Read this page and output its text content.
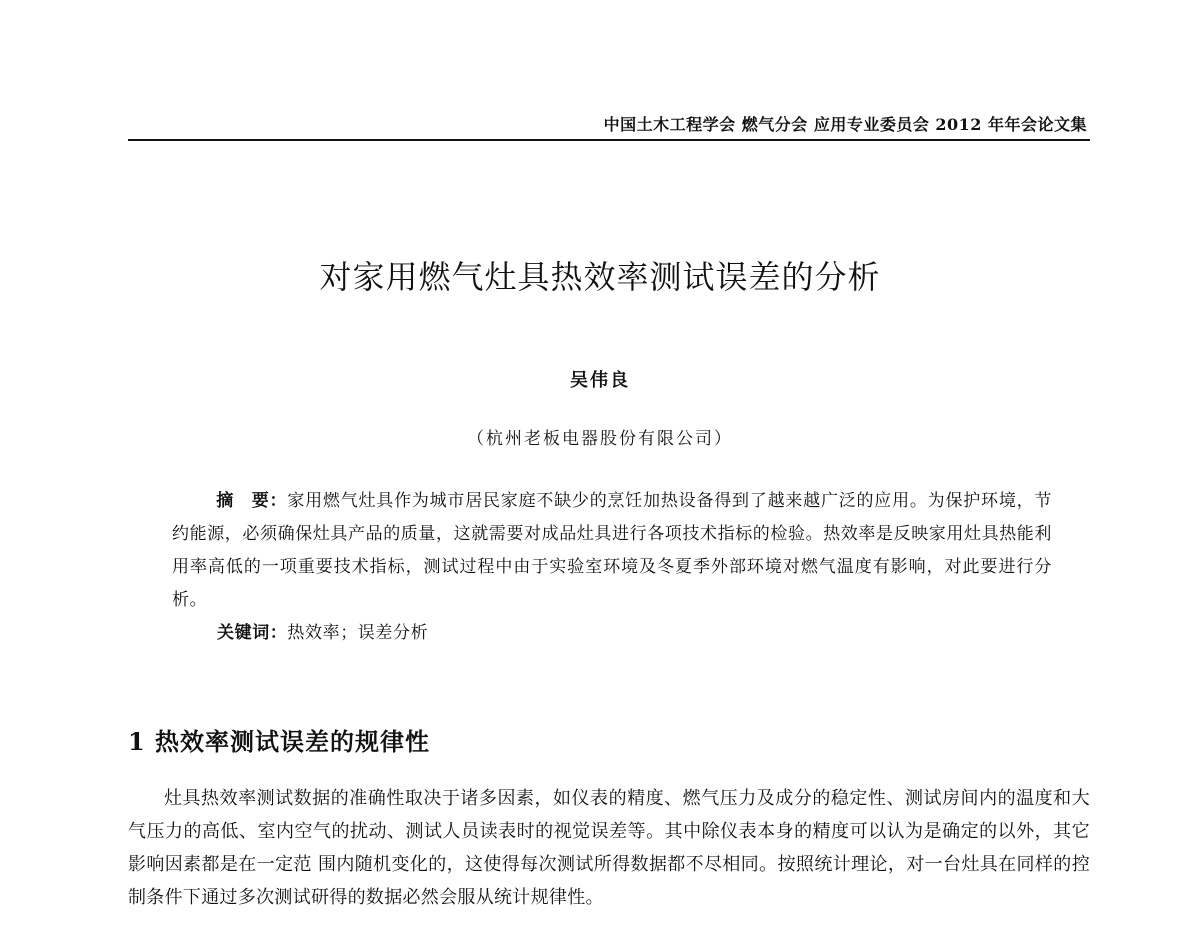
中国土木工程学会 燃气分会 应用专业委员会 2012 年年会论文集
对家用燃气灶具热效率测试误差的分析
吴伟良
（杭州老板电器股份有限公司）

摘　要：家用燃气灶具作为城市居民家庭不缺少的烹饪加热设备得到了越来越广泛的应用。为保护环境，节约能源，必须确保灶具产品的质量，这就需要对成品灶具进行各项技术指标的检验。热效率是反映家用灶具热能利用率高低的一项重要技术指标，测试过程中由于实验室环境及冬夏季外部环境对燃气温度有影响，对此要进行分析。

关键词：热效率；误差分析
1 热效率测试误差的规律性

灶具热效率测试数据的准确性取决于诸多因素，如仪表的精度、燃气压力及成分的稳定性、测试房间内的温度和大气压力的高低、室内空气的扰动、测试人员读表时的视觉误差等。其中除仪表本身的精度可以认为是确定的以外，其它影响因素都是在一定范 围内随机变化的，这使得每次测试所得数据都不尽相同。按照统计理论，对一台灶具在同样的控制条件下通过多次测试研得的数据必然会服从统计规律性。
